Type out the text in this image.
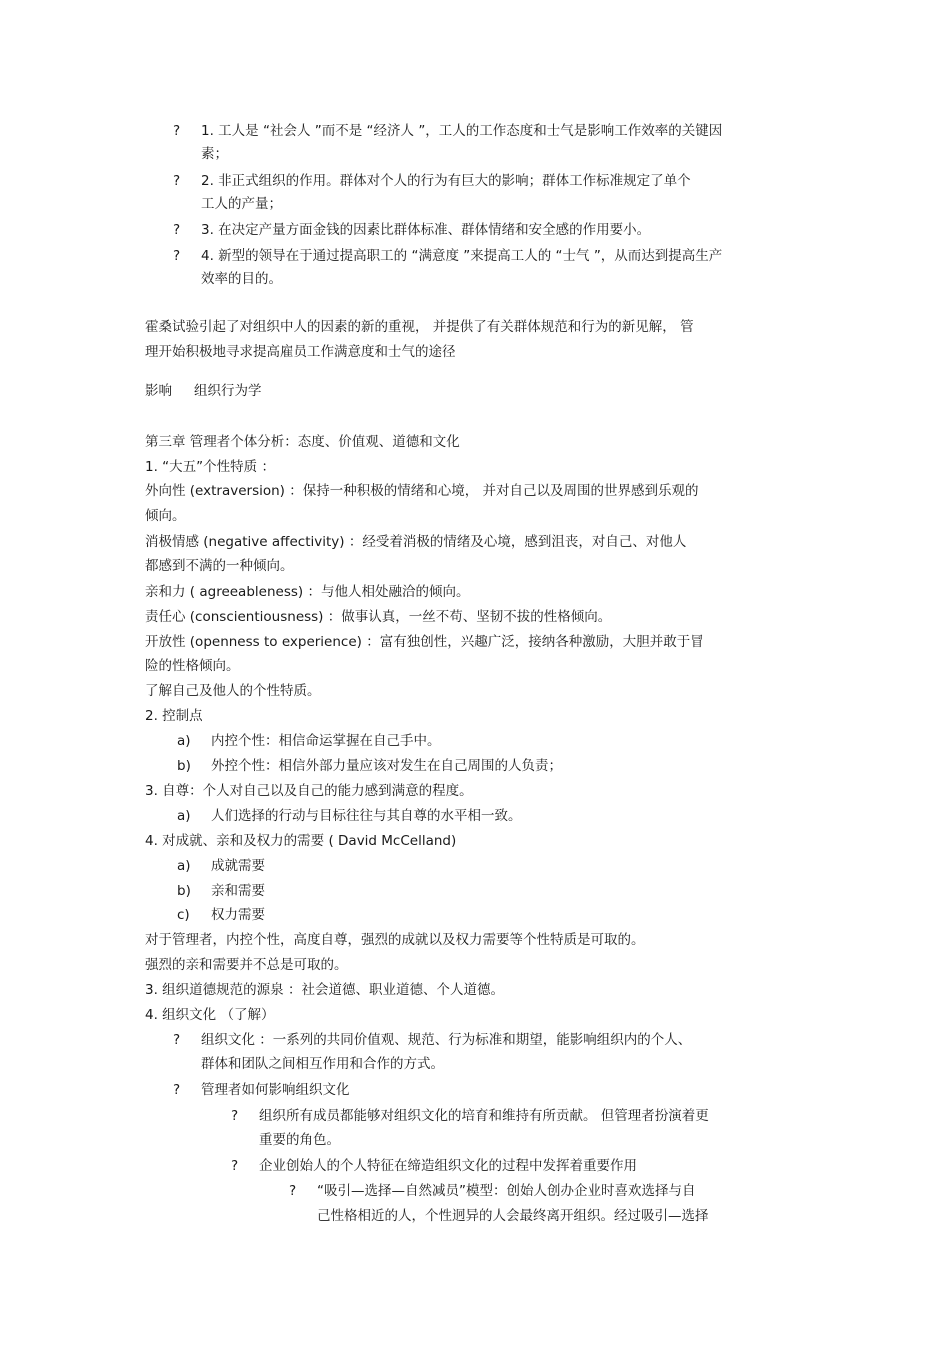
? 1. 工人是 “社会人 ”而不是 “经济人 ”，工人的工作态度和士气是影响工作效率的关键因
素；
? 2. 非正式组织的作用。群体对个人的行为有巨大的影响；群体工作标准规定了单个
工人的产量；
? 3. 在决定产量方面金钱的因素比群体标准、群体情绪和安全感的作用要小。
? 4. 新型的领导在于通过提高职工的 “满意度 ”来提高工人的 “士气 ”，从而达到提高生产
效率的目的。
霍桑试验引起了对组织中人的因素的新的重视， 并提供了有关群体规范和行为的新见解， 管
理开始积极地寻求提高雇员工作满意度和士气的途径
影响 组织行为学
第三章 管理者个体分析：态度、价值观、道德和文化
1. “大五”个性特质 ：
外向性 (extraversion) ：保持一种积极的情绪和心境， 并对自己以及周围的世界感到乐观的
倾向。
消极情感 (negative affectivity) ：经受着消极的情绪及心境，感到沮丧，对自己、对他人
都感到不满的一种倾向。
亲和力 ( agreeableness) ：与他人相处融洽的倾向。
责任心 (conscientiousness) ：做事认真，一丝不苟、坚韧不拔的性格倾向。
开放性 (openness to experience) ：富有独创性，兴趣广泛，接纳各种激励，大胆并敢于冒
险的性格倾向。
了解自己及他人的个性特质。
2. 控制点
a) 内控个性：相信命运掌握在自己手中。
b) 外控个性：相信外部力量应该对发生在自己周围的人负责；
3. 自尊：个人对自己以及自己的能力感到满意的程度。
a) 人们选择的行动与目标往往与其自尊的水平相一致。
4. 对成就、亲和及权力的需要 ( David McCelland)
a) 成就需要
b) 亲和需要
c) 权力需要
对于管理者，内控个性，高度自尊，强烈的成就以及权力需要等个性特质是可取的。
强烈的亲和需要并不总是可取的。
3. 组织道德规范的源泉 ：社会道德、职业道德、个人道德。
4. 组织文化 （了解）
? 组织文化 ：一系列的共同价值观、规范、行为标准和期望，能影响组织内的个人、
群体和团队之间相互作用和合作的方式。
? 管理者如何影响组织文化
? 组织所有成员都能够对组织文化的培育和维持有所贡献。 但管理者扮演着更
重要的角色。
? 企业创始人的个人特征在缔造组织文化的过程中发挥着重要作用
? “吸引—选择—自然减员”模型：创始人创办企业时喜欢选择与自
己性格相近的人，个性迥异的人会最终离开组织。经过吸引—选择
